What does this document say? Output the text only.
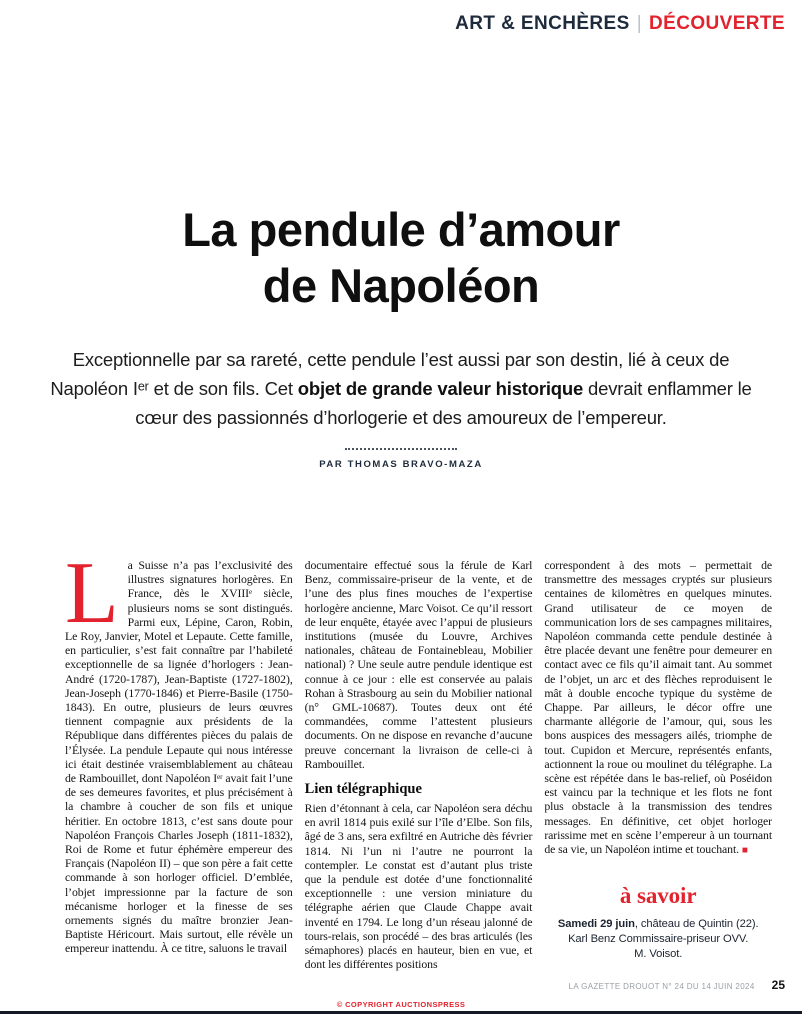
ART & ENCHÈRES | DÉCOUVERTE
La pendule d’amour
de Napoléon

Exceptionnelle par sa rareté, cette pendule l’est aussi par son destin, lié à ceux de Napoléon Iᵉʳ et de son fils. Cet objet de grande valeur historique devrait enflammer le cœur des passionnés d’horlogerie et des amoureux de l’empereur.

PAR THOMAS BRAVO-MAZA
La Suisse n’a pas l’exclusivité des illustres signatures horlogères. En France, dès le XVIIIᵉ siècle, plusieurs noms se sont distingués. Parmi eux, Lépine, Caron, Robin, Le Roy, Janvier, Motel et Lepaute. Cette famille, en particulier, s’est fait connaître par l’habileté exceptionnelle de sa lignée d’horlogers : Jean-André (1720-1787), Jean-Baptiste (1727-1802), Jean-Joseph (1770-1846) et Pierre-Basile (1750-1843). En outre, plusieurs de leurs œuvres tiennent compagnie aux présidents de la République dans différentes pièces du palais de l’Élysée. La pendule Lepaute qui nous intéresse ici était destinée vraisemblablement au château de Rambouillet, dont Napoléon Iᵉʳ avait fait l’une de ses demeures favorites, et plus précisément à la chambre à coucher de son fils et unique héritier. En octobre 1813, c’est sans doute pour Napoléon François Charles Joseph (1811-1832), Roi de Rome et futur éphémère empereur des Français (Napoléon II) – que son père a fait cette commande à son horloger officiel. D’emblée, l’objet impressionne par la facture de son mécanisme horloger et la finesse de ses ornements signés du maître bronzier Jean-Baptiste Héricourt. Mais surtout, elle révèle un empereur inattendu. À ce titre, saluons le travail

documentaire effectué sous la férule de Karl Benz, commissaire-priseur de la vente, et de l’une des plus fines mouches de l’expertise horlogère ancienne, Marc Voisot. Ce qu’il ressort de leur enquête, étayée avec l’appui de plusieurs institutions (musée du Louvre, Archives nationales, château de Fontainebleau, Mobilier national) ? Une seule autre pendule identique est connue à ce jour : elle est conservée au palais Rohan à Strasbourg au sein du Mobilier national (n° GML-10687). Toutes deux ont été commandées, comme l’attestent plusieurs documents. On ne dispose en revanche d’aucune preuve concernant la livraison de celle-ci à Rambouillet.

Lien télégraphique

Rien d’étonnant à cela, car Napoléon sera déchu en avril 1814 puis exilé sur l’île d’Elbe. Son fils, âgé de 3 ans, sera exfiltré en Autriche dès février 1814. Ni l’un ni l’autre ne pourront la contempler. Le constat est d’autant plus triste que la pendule est dotée d’une fonctionnalité exceptionnelle : une version miniature du télégraphe aérien que Claude Chappe avait inventé en 1794. Le long d’un réseau jalonné de tours-relais, son procédé – des bras articulés (les sémaphores) placés en hauteur, bien en vue, et dont les différentes positions

correspondent à des mots – permettait de transmettre des messages cryptés sur plusieurs centaines de kilomètres en quelques minutes. Grand utilisateur de ce moyen de communication lors de ses campagnes militaires, Napoléon commanda cette pendule destinée à être placée devant une fenêtre pour demeurer en contact avec ce fils qu’il aimait tant. Au sommet de l’objet, un arc et des flèches reproduisent le mât à double encoche typique du système de Chappe. Par ailleurs, le décor offre une charmante allégorie de l’amour, qui, sous les bons auspices des messagers ailés, triomphe de tout. Cupidon et Mercure, représentés enfants, actionnent la roue ou moulinet du télégraphe. La scène est répétée dans le bas-relief, où Poséidon est vaincu par la technique et les flots ne font plus obstacle à la transmission des tendres messages. En définitive, cet objet horloger rarissime met en scène l’empereur à un tournant de sa vie, un Napoléon intime et touchant. ■

à savoir
Samedi 29 juin, château de Quintin (22).
Karl Benz Commissaire-priseur OVV.
M. Voisot.
LA GAZETTE DROUOT N° 24 DU 14 JUIN 2024 25
© COPYRIGHT AUCTIONSPRESS
